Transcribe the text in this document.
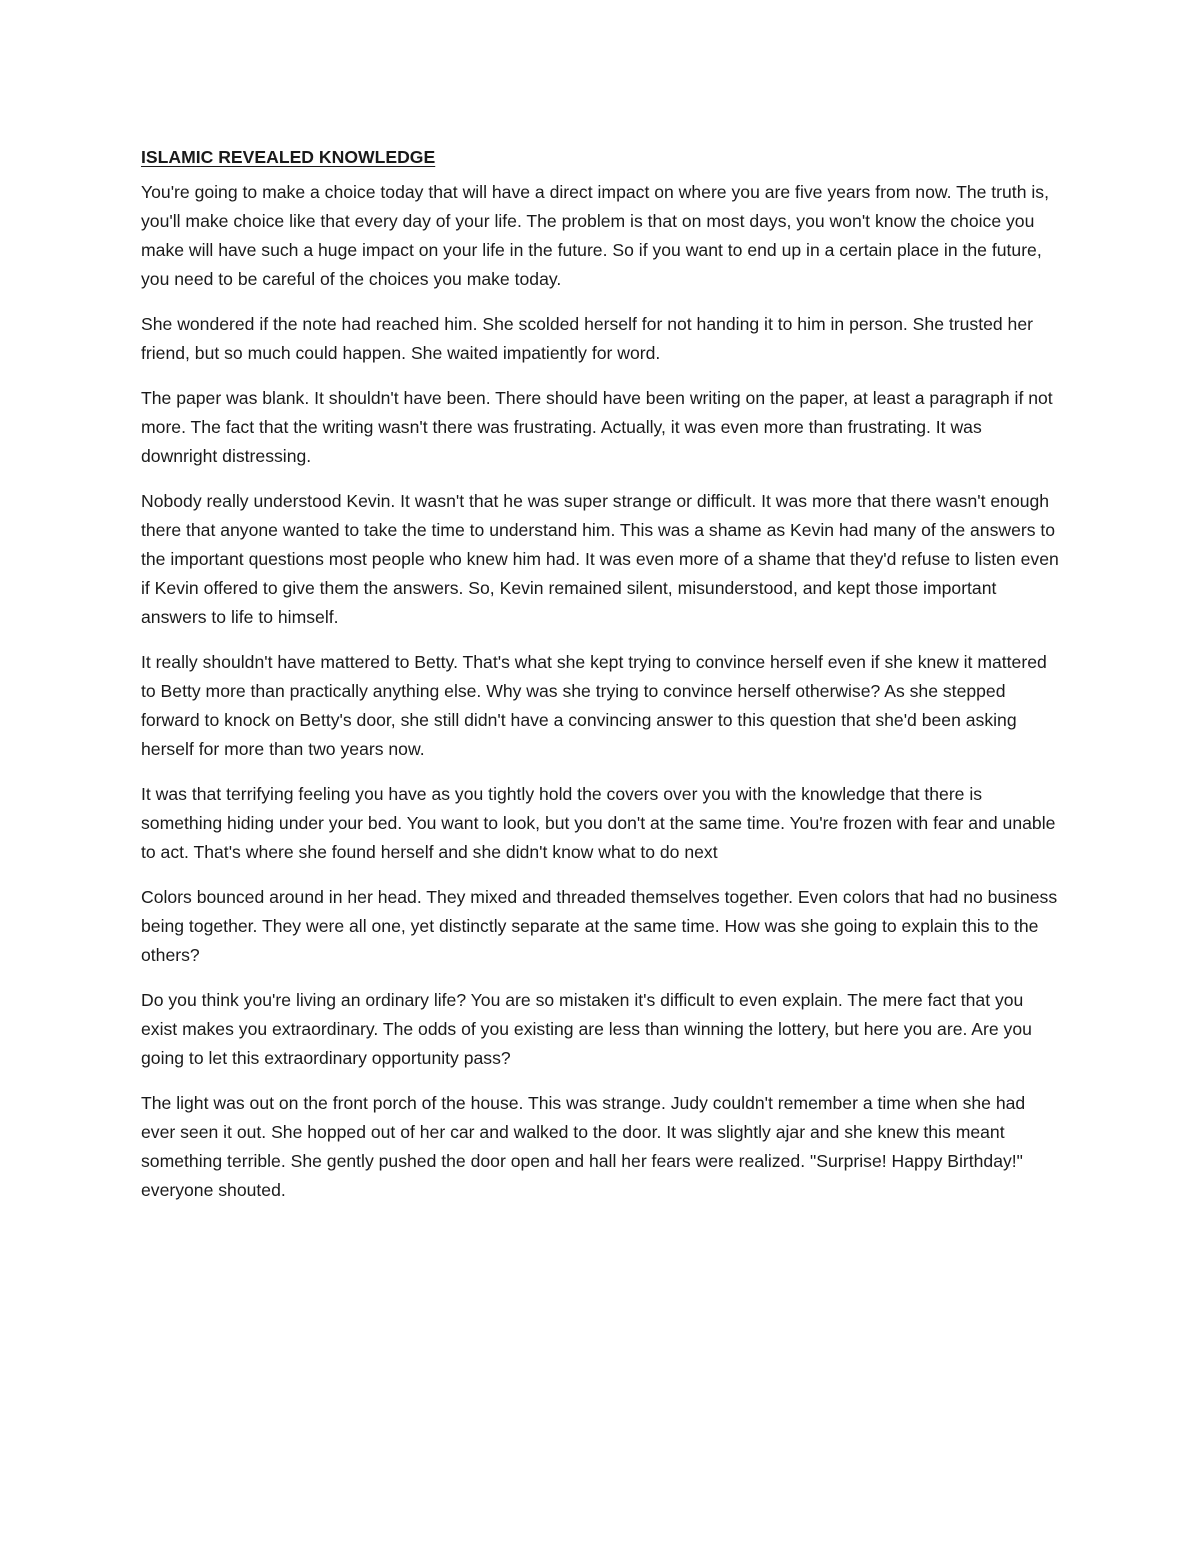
ISLAMIC REVEALED KNOWLEDGE

You're going to make a choice today that will have a direct impact on where you are five years from now. The truth is, you'll make choice like that every day of your life. The problem is that on most days, you won't know the choice you make will have such a huge impact on your life in the future. So if you want to end up in a certain place in the future, you need to be careful of the choices you make today.

She wondered if the note had reached him. She scolded herself for not handing it to him in person. She trusted her friend, but so much could happen. She waited impatiently for word.

The paper was blank. It shouldn't have been. There should have been writing on the paper, at least a paragraph if not more. The fact that the writing wasn't there was frustrating. Actually, it was even more than frustrating. It was downright distressing.

Nobody really understood Kevin. It wasn't that he was super strange or difficult. It was more that there wasn't enough there that anyone wanted to take the time to understand him. This was a shame as Kevin had many of the answers to the important questions most people who knew him had. It was even more of a shame that they'd refuse to listen even if Kevin offered to give them the answers. So, Kevin remained silent, misunderstood, and kept those important answers to life to himself.

It really shouldn't have mattered to Betty. That's what she kept trying to convince herself even if she knew it mattered to Betty more than practically anything else. Why was she trying to convince herself otherwise? As she stepped forward to knock on Betty's door, she still didn't have a convincing answer to this question that she'd been asking herself for more than two years now.

It was that terrifying feeling you have as you tightly hold the covers over you with the knowledge that there is something hiding under your bed. You want to look, but you don't at the same time. You're frozen with fear and unable to act. That's where she found herself and she didn't know what to do next

Colors bounced around in her head. They mixed and threaded themselves together. Even colors that had no business being together. They were all one, yet distinctly separate at the same time. How was she going to explain this to the others?

Do you think you're living an ordinary life? You are so mistaken it's difficult to even explain. The mere fact that you exist makes you extraordinary. The odds of you existing are less than winning the lottery, but here you are. Are you going to let this extraordinary opportunity pass?

The light was out on the front porch of the house. This was strange. Judy couldn't remember a time when she had ever seen it out. She hopped out of her car and walked to the door. It was slightly ajar and she knew this meant something terrible. She gently pushed the door open and hall her fears were realized. "Surprise! Happy Birthday!" everyone shouted.
